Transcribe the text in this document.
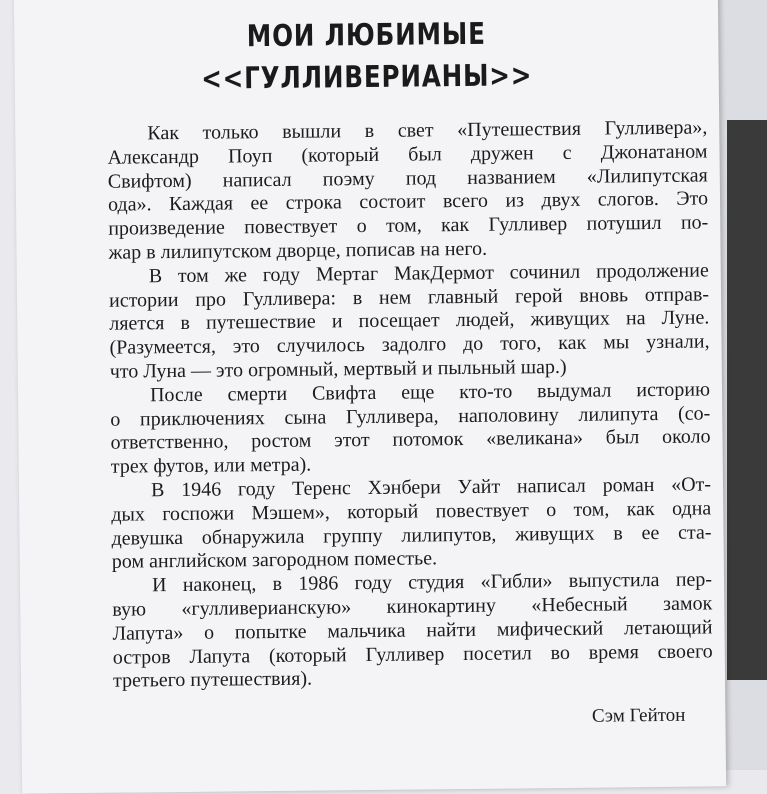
МОИ ЛЮБИМЫЕ
<<ГУЛЛИВЕРИАНЫ>>
Как только вышли в свет «Путешествия Гулливера»,
Александр Поуп (который был дружен с Джонатаном
Свифтом) написал поэму под названием «Лилипутская
ода». Каждая ее строка состоит всего из двух слогов. Это
произведение повествует о том, как Гулливер потушил по-
жар в лилипутском дворце, пописав на него.
В том же году Мертаг МакДермот сочинил продолжение
истории про Гулливера: в нем главный герой вновь отправ-
ляется в путешествие и посещает людей, живущих на Луне.
(Разумеется, это случилось задолго до того, как мы узнали,
что Луна — это огромный, мертвый и пыльный шар.)
После смерти Свифта еще кто-то выдумал историю
о приключениях сына Гулливера, наполовину лилипута (со-
ответственно, ростом этот потомок «великана» был около
трех футов, или метра).
В 1946 году Теренс Хэнбери Уайт написал роман «От-
дых госпожи Мэшем», который повествует о том, как одна
девушка обнаружила группу лилипутов, живущих в ее ста-
ром английском загородном поместье.
И наконец, в 1986 году студия «Гибли» выпустила пер-
вую «гулливерианскую» кинокартину «Небесный замок
Лапута» о попытке мальчика найти мифический летающий
остров Лапута (который Гулливер посетил во время своего
третьего путешествия).
Сэм Гейтон
